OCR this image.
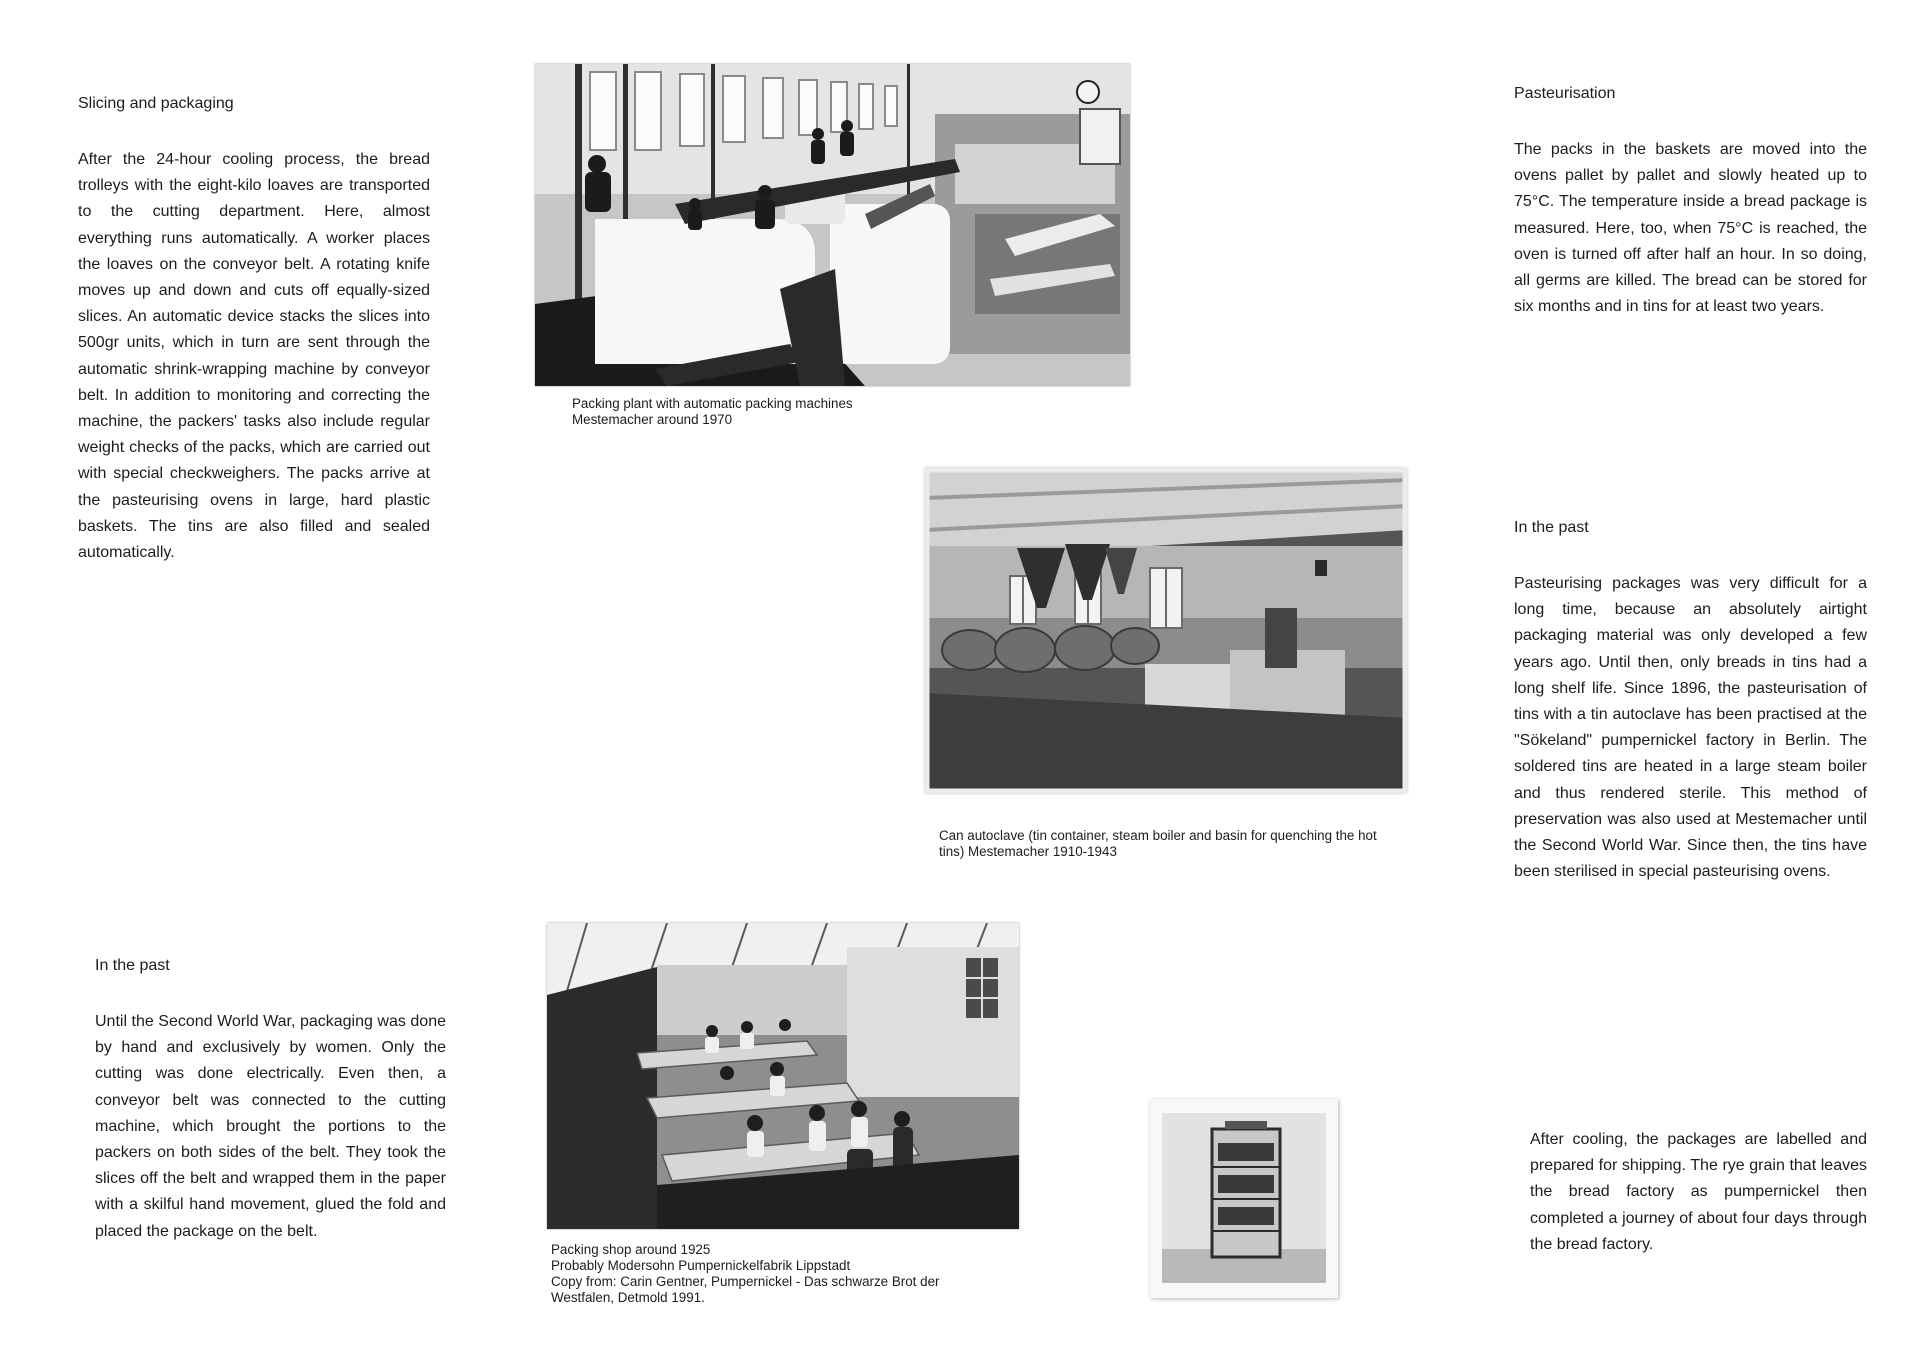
Slicing and packaging

After the 24-hour cooling process, the bread trolleys with the eight-kilo loaves are transported to the cutting department. Here, almost everything runs automatically. A worker places the loaves on the conveyor belt. A rotating knife moves up and down and cuts off equally-sized slices. An automatic device stacks the slices into 500gr units, which in turn are sent through the automatic shrink-wrapping machine by conveyor belt. In addition to monitoring and correcting the machine, the packers' tasks also include regular weight checks of the packs, which are carried out with special checkweighers. The packs arrive at the pasteurising ovens in large, hard plastic baskets. The tins are also filled and sealed automatically.

Packing plant with automatic packing machines
Mestemacher around 1970
Pasteurisation

The packs in the baskets are moved into the ovens pallet by pallet and slowly heated up to 75°C. The temperature inside a bread package is measured. Here, too, when 75°C is reached, the oven is turned off after half an hour. In so doing, all germs are killed. The bread can be stored for six months and in tins for at least two years.

Can autoclave (tin container, steam boiler and basin for quenching the hot
tins) Mestemacher 1910-1943
In the past

Pasteurising packages was very difficult for a long time, because an absolutely airtight packaging material was only developed a few years ago. Until then, only breads in tins had a long shelf life. Since 1896, the pasteurisation of tins with a tin autoclave has been practised at the "Sökeland" pumpernickel factory in Berlin. The soldered tins are heated in a large steam boiler and thus rendered sterile. This method of preservation was also used at Mestemacher until the Second World War. Since then, the tins have been sterilised in special pasteurising ovens.

In the past

Until the Second World War, packaging was done by hand and exclusively by women. Only the cutting was done electrically. Even then, a conveyor belt was connected to the cutting machine, which brought the portions to the packers on both sides of the belt. They took the slices off the belt and wrapped them in the paper with a skilful hand movement, glued the fold and placed the package on the belt.

Packing shop around 1925
Probably Modersohn Pumpernickelfabrik Lippstadt
Copy from: Carin Gentner, Pumpernickel - Das schwarze Brot der
Westfalen, Detmold 1991.

After cooling, the packages are labelled and prepared for shipping. The rye grain that leaves the bread factory as pumpernickel then completed a journey of about four days through the bread factory.
